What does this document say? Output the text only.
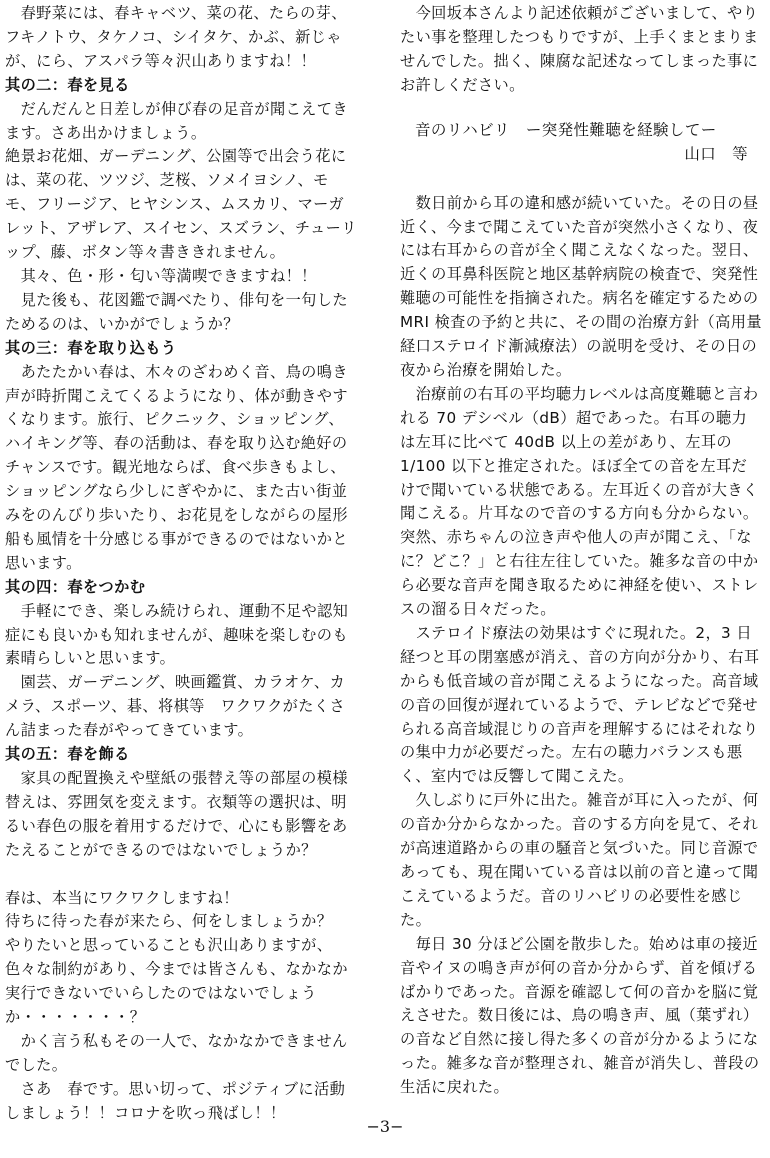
　春野菜には、春キャベツ、菜の花、たらの芽、フキノトウ、タケノコ、シイタケ、かぶ、新じゃが、にら、アスパラ等々沢山ありますね！！

其の二：春を見る

　だんだんと日差しが伸び春の足音が聞こえてきます。さあ出かけましょう。

絶景お花畑、ガーデニング、公園等で出会う花には、菜の花、ツツジ、芝桜、ソメイヨシノ、モモ、フリージア、ヒヤシンス、ムスカリ、マーガレット、アザレア、スイセン、スズラン、チューリップ、藤、ボタン等々書ききれません。

　其々、色・形・匂い等満喫できますね！！

　見た後も、花図鑑で調べたり、俳句を一句したためるのは、いかがでしょうか？

其の三：春を取り込もう

　あたたかい春は、木々のざわめく音、鳥の鳴き声が時折聞こえてくるようになり、体が動きやすくなります。旅行、ピクニック、ショッピング、ハイキング等、春の活動は、春を取り込む絶好のチャンスです。観光地ならば、食べ歩きもよし、ショッピングなら少しにぎやかに、また古い街並みをのんびり歩いたり、お花見をしながらの屋形船も風情を十分感じる事ができるのではないかと思います。

其の四：春をつかむ

　手軽にでき、楽しみ続けられ、運動不足や認知症にも良いかも知れませんが、趣味を楽しむのも素晴らしいと思います。

　園芸、ガーデニング、映画鑑賞、カラオケ、カメラ、スポーツ、碁、将棋等　ワクワクがたくさん詰まった春がやってきています。

其の五：春を飾る

　家具の配置換えや壁紙の張替え等の部屋の模様替えは、雰囲気を変えます。衣類等の選択は、明るい春色の服を着用するだけで、心にも影響をあたえることができるのではないでしょうか？

春は、本当にワクワクしますね！

待ちに待った春が来たら、何をしましょうか？

やりたいと思っていることも沢山ありますが、色々な制約があり、今までは皆さんも、なかなか実行できないでいらしたのではないでしょうか・・・・・・・？

　かく言う私もその一人で、なかなかできませんでした。

　さあ　春です。思い切って、ポジティブに活動しましょう！！コロナを吹っ飛ばし！！

　今回坂本さんより記述依頼がございまして、やりたい事を整理したつもりですが、上手くまとまりませんでした。拙く、陳腐な記述なってしまった事にお許しください。

音のリハビリ　ー突発性難聴を経験してー
山口　等

　数日前から耳の違和感が続いていた。その日の昼近く、今まで聞こえていた音が突然小さくなり、夜には右耳からの音が全く聞こえなくなった。翌日、近くの耳鼻科医院と地区基幹病院の検査で、突発性難聴の可能性を指摘された。病名を確定するための MRI 検査の予約と共に、その間の治療方針（高用量経口ステロイド漸減療法）の説明を受け、その日の夜から治療を開始した。

　治療前の右耳の平均聴力レベルは高度難聴と言われる 70 デシベル（dB）超であった。右耳の聴力は左耳に比べて 40dB 以上の差があり、左耳の 1/100 以下と推定された。ほぼ全ての音を左耳だけで聞いている状態である。左耳近くの音が大きく聞こえる。片耳なので音のする方向も分からない。突然、赤ちゃんの泣き声や他人の声が聞こえ、「なに？どこ？」と右往左往していた。雑多な音の中から必要な音声を聞き取るために神経を使い、ストレスの溜る日々だった。

　ステロイド療法の効果はすぐに現れた。2，3 日経つと耳の閉塞感が消え、音の方向が分かり、右耳からも低音域の音が聞こえるようになった。高音域の音の回復が遅れているようで、テレビなどで発せられる高音域混じりの音声を理解するにはそれなりの集中力が必要だった。左右の聴力バランスも悪く、室内では反響して聞こえた。

　久しぶりに戸外に出た。雑音が耳に入ったが、何の音か分からなかった。音のする方向を見て、それが高速道路からの車の騒音と気づいた。同じ音源であっても、現在聞いている音は以前の音と違って聞こえているようだ。音のリハビリの必要性を感じた。

　毎日 30 分ほど公園を散歩した。始めは車の接近音やイヌの鳴き声が何の音か分からず、首を傾げるばかりであった。音源を確認して何の音かを脳に覚えさせた。数日後には、鳥の鳴き声、風（葉ずれ）の音など自然に接し得た多くの音が分かるようになった。雑多な音が整理され、雑音が消失し、普段の生活に戻れた。

−3−
